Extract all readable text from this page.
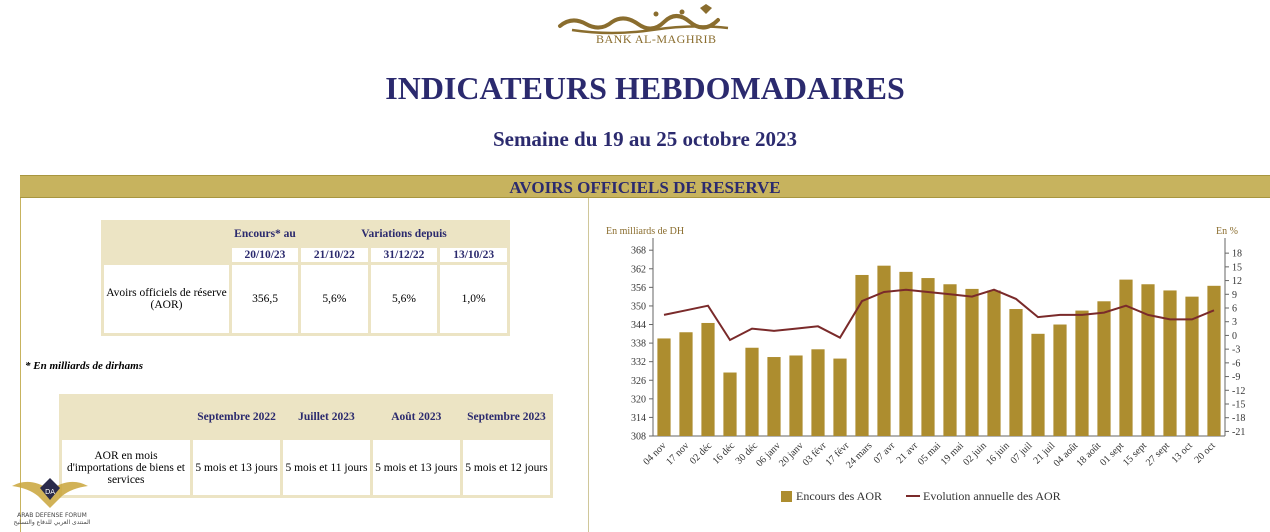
BANK AL-MAGHRIB
INDICATEURS HEBDOMADAIRES
Semaine du 19 au 25 octobre 2023
AVOIRS OFFICIELS DE RESERVE
	Encours* au	Variations depuis		
	20/10/23	21/10/22	31/12/22	13/10/23
Avoirs officiels de réserve (AOR)	356,5	5,6%	5,6%	1,0%
* En milliards de dirhams
	Septembre 2022	Juillet 2023	Août 2023	Septembre 2023
AOR en mois d'importations de biens et services	5 mois et 13 jours	5 mois et 11 jours	5 mois et 13 jours	5 mois et 12 jours
DA
ARAB DEFENSE FORUM
المنتدى العربي للدفاع والتسليح
En milliards de DH	En %
308
314
320
326
332
338
344
350
356
362
368
-21
-18
-15
-12
-9
-6
-3
0
3
6
9
12
15
18
04 nov
17 nov
02 déc
16 déc
30 déc
06 janv
20 janv
03 févr
17 févr
24 mars
07 avr
21 avr
05 mai
19 mai
02 juin
16 juin
07 juil
21 juil
04 août
18 août
01 sept
15 sept
27 sept
13 oct
20 oct
Encours des AOR	Evolution annuelle des AOR
